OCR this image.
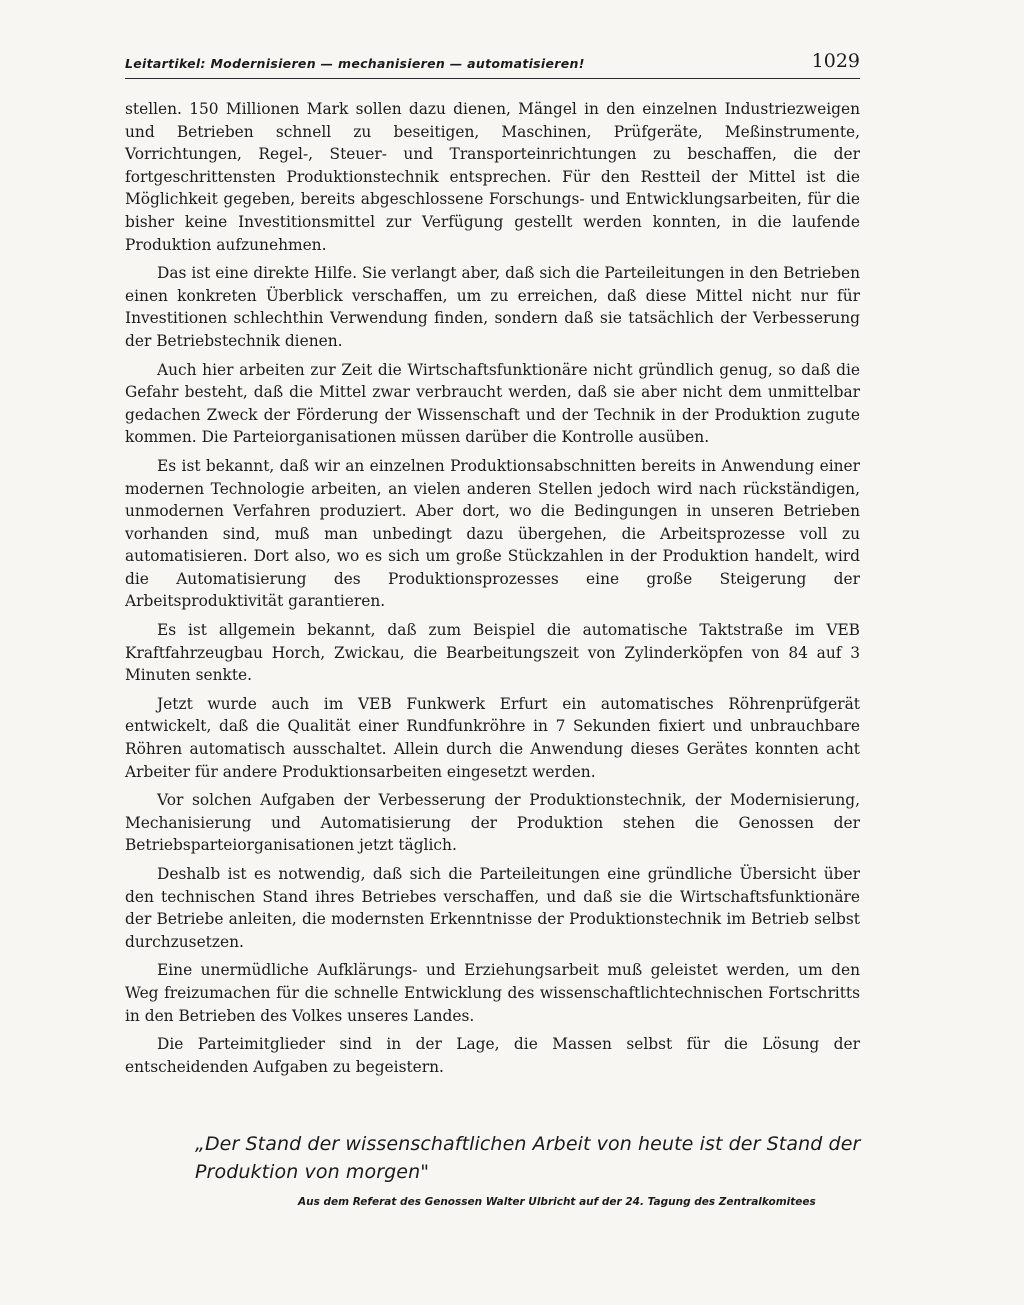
Leitartikel: Modernisieren — mechanisieren — automatisieren!	1029

stellen. 150 Millionen Mark sollen dazu dienen, Mängel in den einzelnen Industriezweigen und Betrieben schnell zu beseitigen, Maschinen, Prüfgeräte, Meßinstrumente, Vorrichtungen, Regel-, Steuer- und Transporteinrichtungen zu beschaffen, die der fortgeschrittensten Produktionstechnik entsprechen. Für den Restteil der Mittel ist die Möglichkeit gegeben, bereits abgeschlossene Forschungs- und Entwicklungsarbeiten, für die bisher keine Investitionsmittel zur Verfügung gestellt werden konnten, in die laufende Produktion aufzunehmen.

Das ist eine direkte Hilfe. Sie verlangt aber, daß sich die Parteileitungen in den Betrieben einen konkreten Überblick verschaffen, um zu erreichen, daß diese Mittel nicht nur für Investitionen schlechthin Verwendung finden, sondern daß sie tatsächlich der Verbesserung der Betriebstechnik dienen.

Auch hier arbeiten zur Zeit die Wirtschaftsfunktionäre nicht gründlich genug, so daß die Gefahr besteht, daß die Mittel zwar verbraucht werden, daß sie aber nicht dem unmittelbar gedachen Zweck der Förderung der Wissenschaft und der Technik in der Produktion zugute kommen. Die Parteiorganisationen müssen darüber die Kontrolle ausüben.

Es ist bekannt, daß wir an einzelnen Produktionsabschnitten bereits in Anwendung einer modernen Technologie arbeiten, an vielen anderen Stellen jedoch wird nach rückständigen, unmodernen Verfahren produziert. Aber dort, wo die Bedingungen in unseren Betrieben vorhanden sind, muß man unbedingt dazu übergehen, die Arbeitsprozesse voll zu automatisieren. Dort also, wo es sich um große Stückzahlen in der Produktion handelt, wird die Automatisierung des Produktionsprozesses eine große Steigerung der Arbeitsproduktivität garantieren.

Es ist allgemein bekannt, daß zum Beispiel die automatische Taktstraße im VEB Kraftfahrzeugbau Horch, Zwickau, die Bearbeitungszeit von Zylinderköpfen von 84 auf 3 Minuten senkte.

Jetzt wurde auch im VEB Funkwerk Erfurt ein automatisches Röhrenprüfgerät entwickelt, daß die Qualität einer Rundfunkröhre in 7 Sekunden fixiert und unbrauchbare Röhren automatisch ausschaltet. Allein durch die Anwendung dieses Gerätes konnten acht Arbeiter für andere Produktionsarbeiten eingesetzt werden.

Vor solchen Aufgaben der Verbesserung der Produktionstechnik, der Modernisierung, Mechanisierung und Automatisierung der Produktion stehen die Genossen der Betriebsparteiorganisationen jetzt täglich.

Deshalb ist es notwendig, daß sich die Parteileitungen eine gründliche Übersicht über den technischen Stand ihres Betriebes verschaffen, und daß sie die Wirtschaftsfunktionäre der Betriebe anleiten, die modernsten Erkenntnisse der Produktionstechnik im Betrieb selbst durchzusetzen.

Eine unermüdliche Aufklärungs- und Erziehungsarbeit muß geleistet werden, um den Weg freizumachen für die schnelle Entwicklung des wissenschaftlichtechnischen Fortschritts in den Betrieben des Volkes unseres Landes.

Die Parteimitglieder sind in der Lage, die Massen selbst für die Lösung der entscheidenden Aufgaben zu begeistern.

„Der Stand der wissenschaftlichen Arbeit von heute ist der Stand der
Produktion von morgen"
Aus dem Referat des Genossen Walter Ulbricht auf der 24. Tagung des Zentralkomitees
